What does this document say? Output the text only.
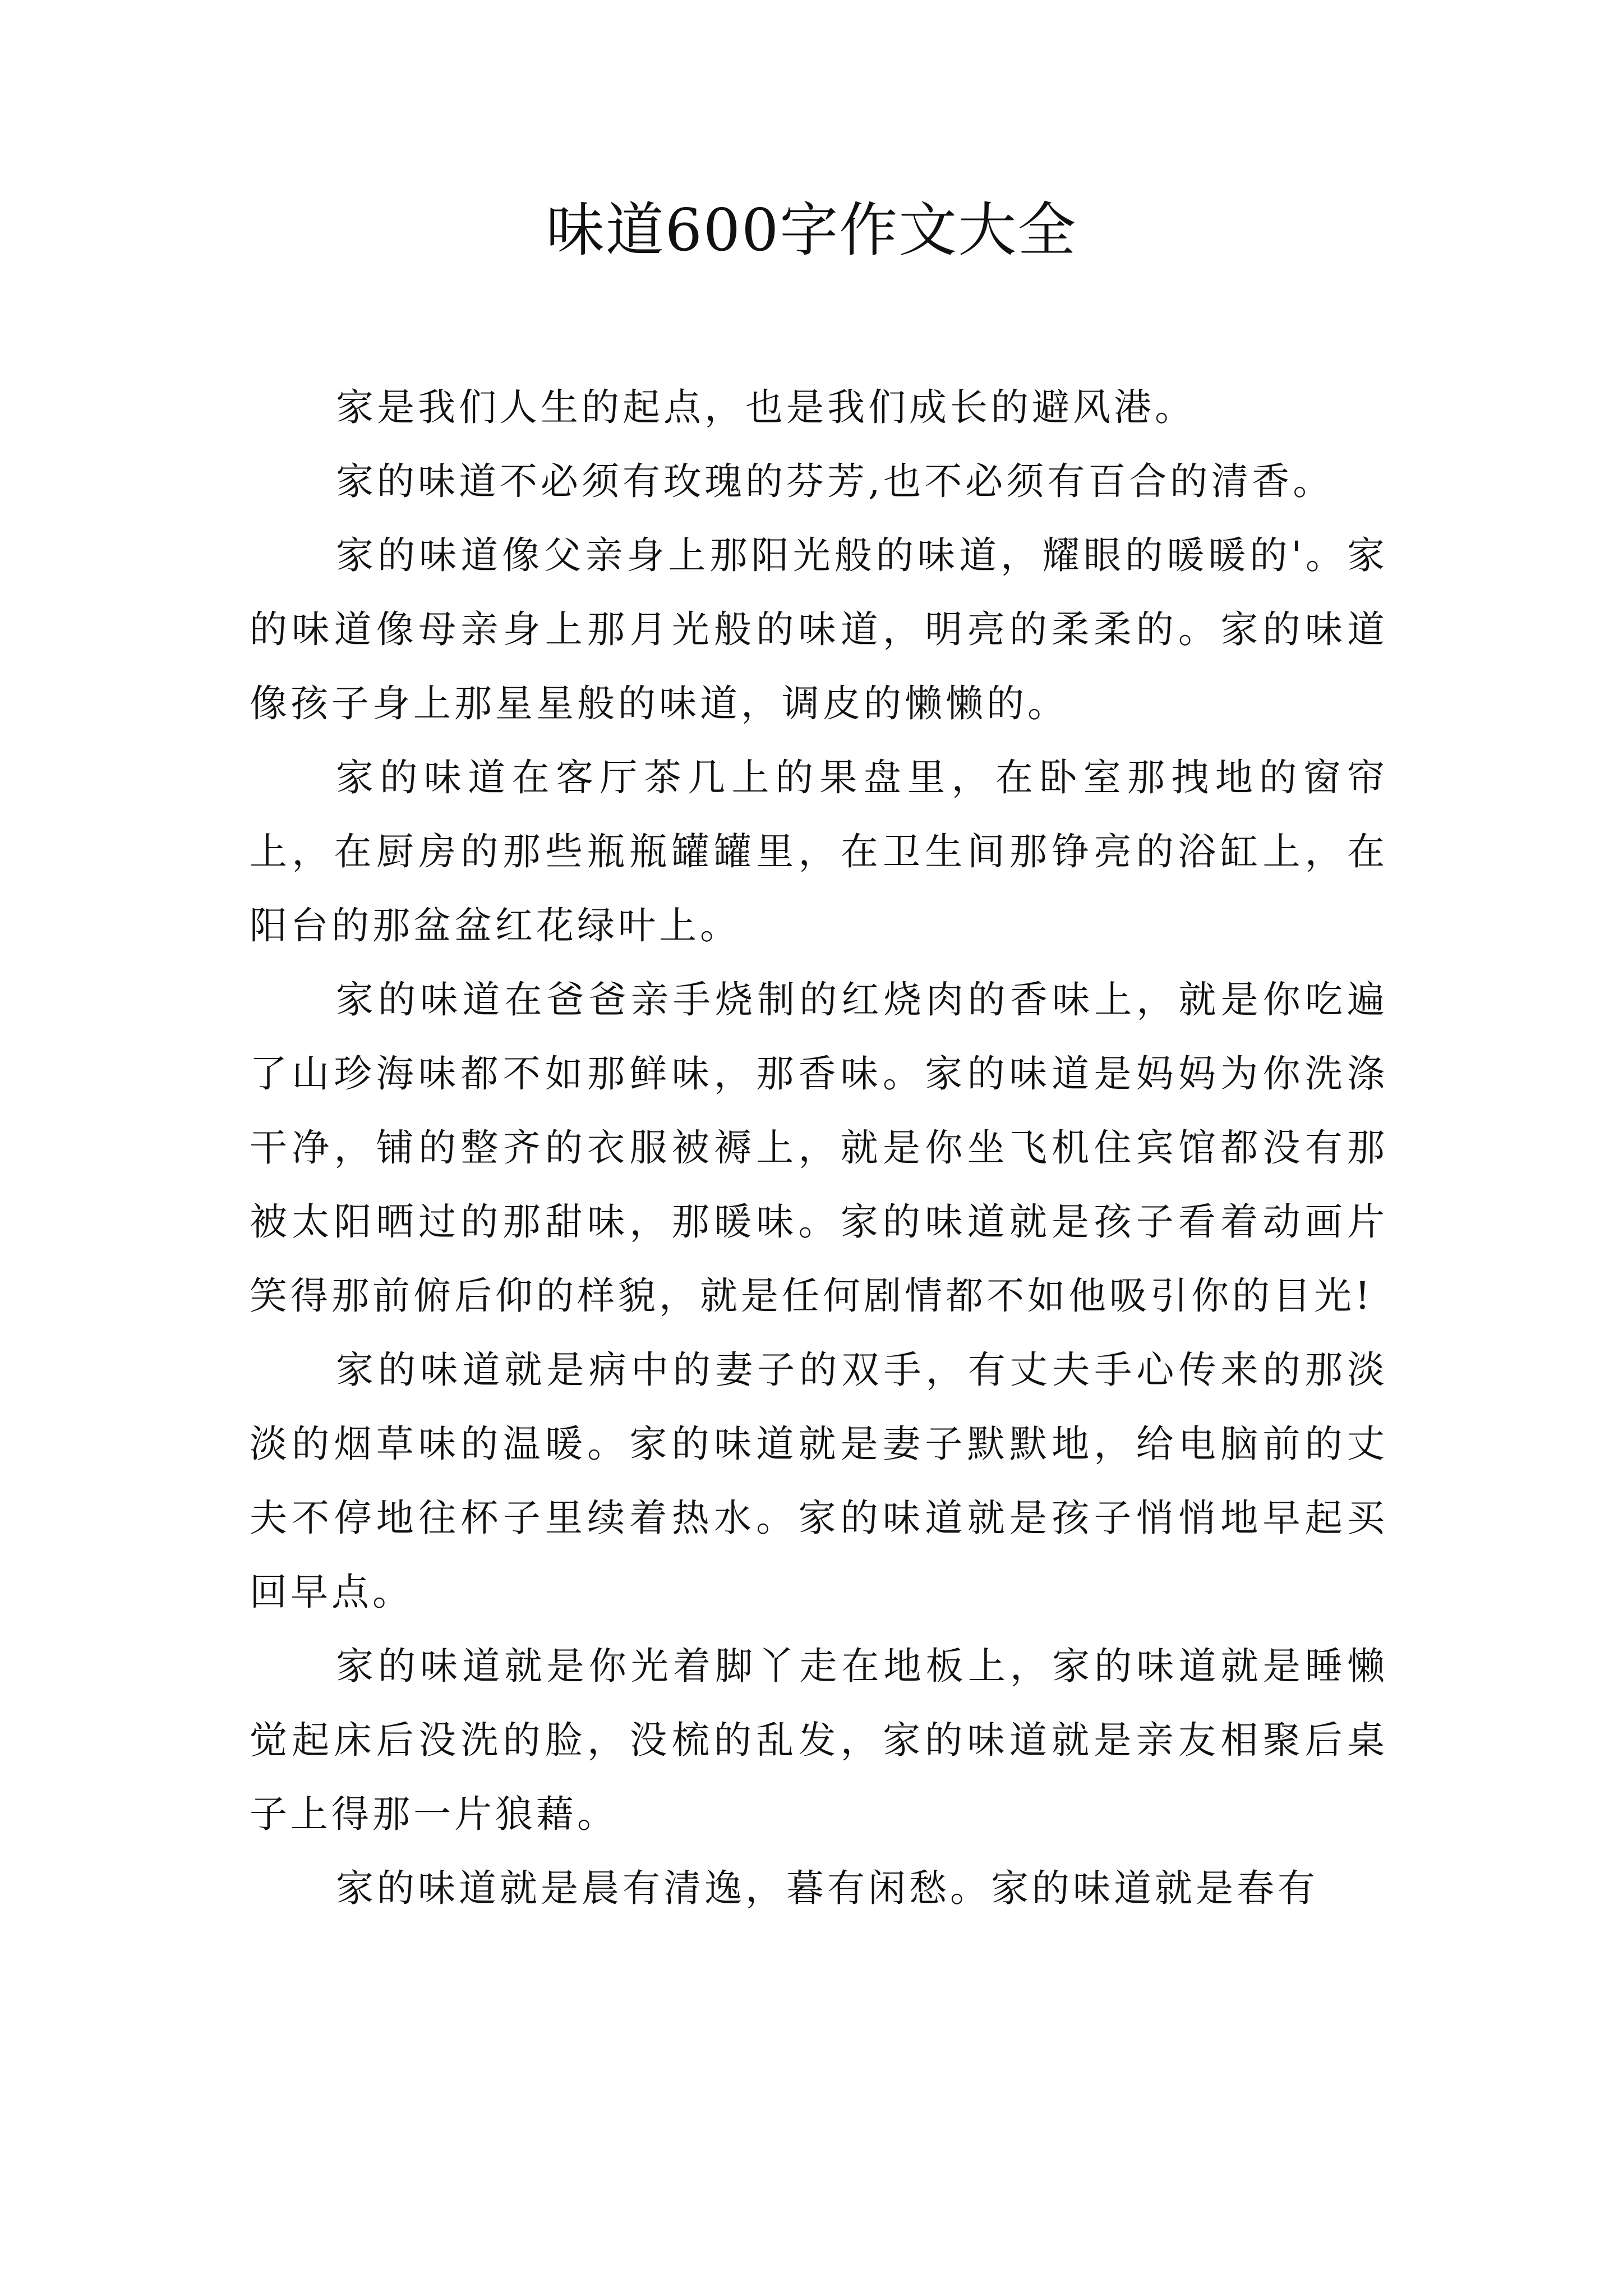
味道600字作文大全

家是我们人生的起点，也是我们成长的避风港。

家的味道不必须有玫瑰的芬芳,也不必须有百合的清香。

家的味道像父亲身上那阳光般的味道，耀眼的暖暖的'。家的味道像母亲身上那月光般的味道，明亮的柔柔的。家的味道像孩子身上那星星般的味道，调皮的懒懒的。

家的味道在客厅茶几上的果盘里，在卧室那拽地的窗帘上，在厨房的那些瓶瓶罐罐里，在卫生间那铮亮的浴缸上，在阳台的那盆盆红花绿叶上。

家的味道在爸爸亲手烧制的红烧肉的香味上，就是你吃遍了山珍海味都不如那鲜味，那香味。家的味道是妈妈为你洗涤干净，铺的整齐的衣服被褥上，就是你坐飞机住宾馆都没有那被太阳晒过的那甜味，那暖味。家的味道就是孩子看着动画片笑得那前俯后仰的样貌，就是任何剧情都不如他吸引你的目光!

家的味道就是病中的妻子的双手，有丈夫手心传来的那淡淡的烟草味的温暖。家的味道就是妻子默默地，给电脑前的丈夫不停地往杯子里续着热水。家的味道就是孩子悄悄地早起买回早点。

家的味道就是你光着脚丫走在地板上，家的味道就是睡懒觉起床后没洗的脸，没梳的乱发，家的味道就是亲友相聚后桌子上得那一片狼藉。

家的味道就是晨有清逸，暮有闲愁。家的味道就是春有
